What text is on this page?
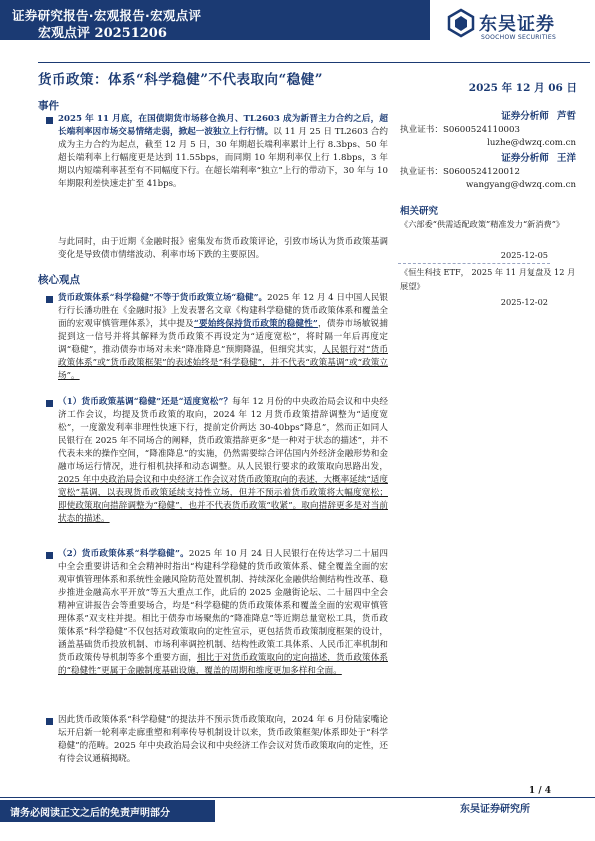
证券研究报告·宏观报告·宏观点评
宏观点评 20251206	东吴证券
SOOCHOW SECURITIES
货币政策：体系“科学稳健”不代表取向“稳健”	2025 年 12 月 06 日
事件
2025 年 11 月底，在国债期货市场移仓换月、TL2603 成为新晋主力合约之后，超长端利率因市场交易情绪走弱，掀起一波独立上行行情。以 11 月 25 日 TL2603 合约成为主力合约为起点，截至 12 月 5 日，30 年期超长端利率累计上行 8.3bps、50 年超长端利率上行幅度更是达到 11.55bps，而同期 10 年期利率仅上行 1.8bps，3 年期以内短端利率甚至有不同幅度下行。在超长端利率“独立”上行的带动下，30 年与 10 年期限利差快速走扩至 41bps。
与此同时，由于近期《金融时报》密集发布货币政策评论，引致市场认为货币政策基调变化是导致债市情绪波动、利率市场下跌的主要原因。
核心观点
货币政策体系“科学稳健”不等于货币政策立场“稳健”。2025 年 12 月 4 日中国人民银行行长潘功胜在《金融时报》上发表署名文章《构建科学稳健的货币政策体系和覆盖全面的宏观审慎管理体系》，其中提及“要始终保持货币政策的稳健性”，债券市场敏锐捕捉到这一信号并将其解释为货币政策不再设定为“适度宽松”，将时隔一年后再度定调“稳健”，推动债券市场对未来“降准降息”预期降温，但细究其实，人民银行对“货币政策体系”或“货币政策框架”的表述始终是“科学稳健”，并不代表“政策基调”或“政策立场”。
（1）货币政策基调“稳健”还是“适度宽松”？每年 12 月份的中央政治局会议和中央经济工作会议，均提及货币政策的取向，2024 年 12 月货币政策措辞调整为“适度宽松”，一度激发利率非理性快速下行，提前定价两达 30-40bps“降息”，然而正如同人民银行在 2025 年不同场合的阐释，货币政策措辞更多“是一种对于状态的描述”，并不代表未来的操作空间，“降准降息”的实施，仍然需要综合评估国内外经济金融形势和金融市场运行情况，进行相机抉择和动态调整。从人民银行要求的政策取向思路出发，2025 年中央政治局会议和中央经济工作会议对货币政策取向的表述，大概率延续“适度宽松”基调，以表现货币政策延续支持性立场，但并不预示着货币政策将大幅度宽松；即使政策取向措辞调整为“稳健”，也并不代表货币政策“收紧”。取向措辞更多是对当前状态的描述。
（2）货币政策体系“科学稳健”。2025 年 10 月 24 日人民银行在传达学习二十届四中全会重要讲话和全会精神时指出“构建科学稳健的货币政策体系、健全覆盖全面的宏观审慎管理体系和系统性金融风险防范处置机制、持续深化金融供给侧结构性改革、稳步推进金融高水平开放”等五大重点工作，此后的 2025 金融街论坛、二十届四中全会精神宣讲报告会等重要场合，均是“科学稳健的货币政策体系和覆盖全面的宏观审慎管理体系”双支柱并提。相比于债券市场聚焦的“降准降息”等近期总量宽松工具，货币政策体系“科学稳健”不仅包括对政策取向的定性宣示，更包括货币政策制度框架的设计，涵盖基础货币投放机制、市场利率调控机制、结构性政策工具体系、人民币汇率机制和货币政策传导机制等多个重要方面，相比于对货币政策取向的定向描述，货币政策体系的“稳健性”更属于金融制度基础设施，覆盖的周期和维度更加多样和全面。
因此货币政策体系“科学稳健”的提法并不预示货币政策取向，2024 年 6 月份陆家嘴论坛开启新一轮利率走廊重塑和利率传导机制设计以来，货币政策框架/体系即处于“科学稳健”的范畴。2025 年中央政治局会议和中央经济工作会议对货币政策取向的定性，还有待会议通稿揭晓。
证券分析师 芦哲
执业证书：S0600524110003
luzhe@dwzq.com.cn
证券分析师 王洋
执业证书：S0600524120012
wangyang@dwzq.com.cn
相关研究
《六部委“供需适配政策”精准发力“新消费”》
2025-12-05
《恒生科技 ETF， 2025 年 11 月复盘及 12 月展望》
2025-12-02
1 / 4
请务必阅读正文之后的免责声明部分	东吴证券研究所
